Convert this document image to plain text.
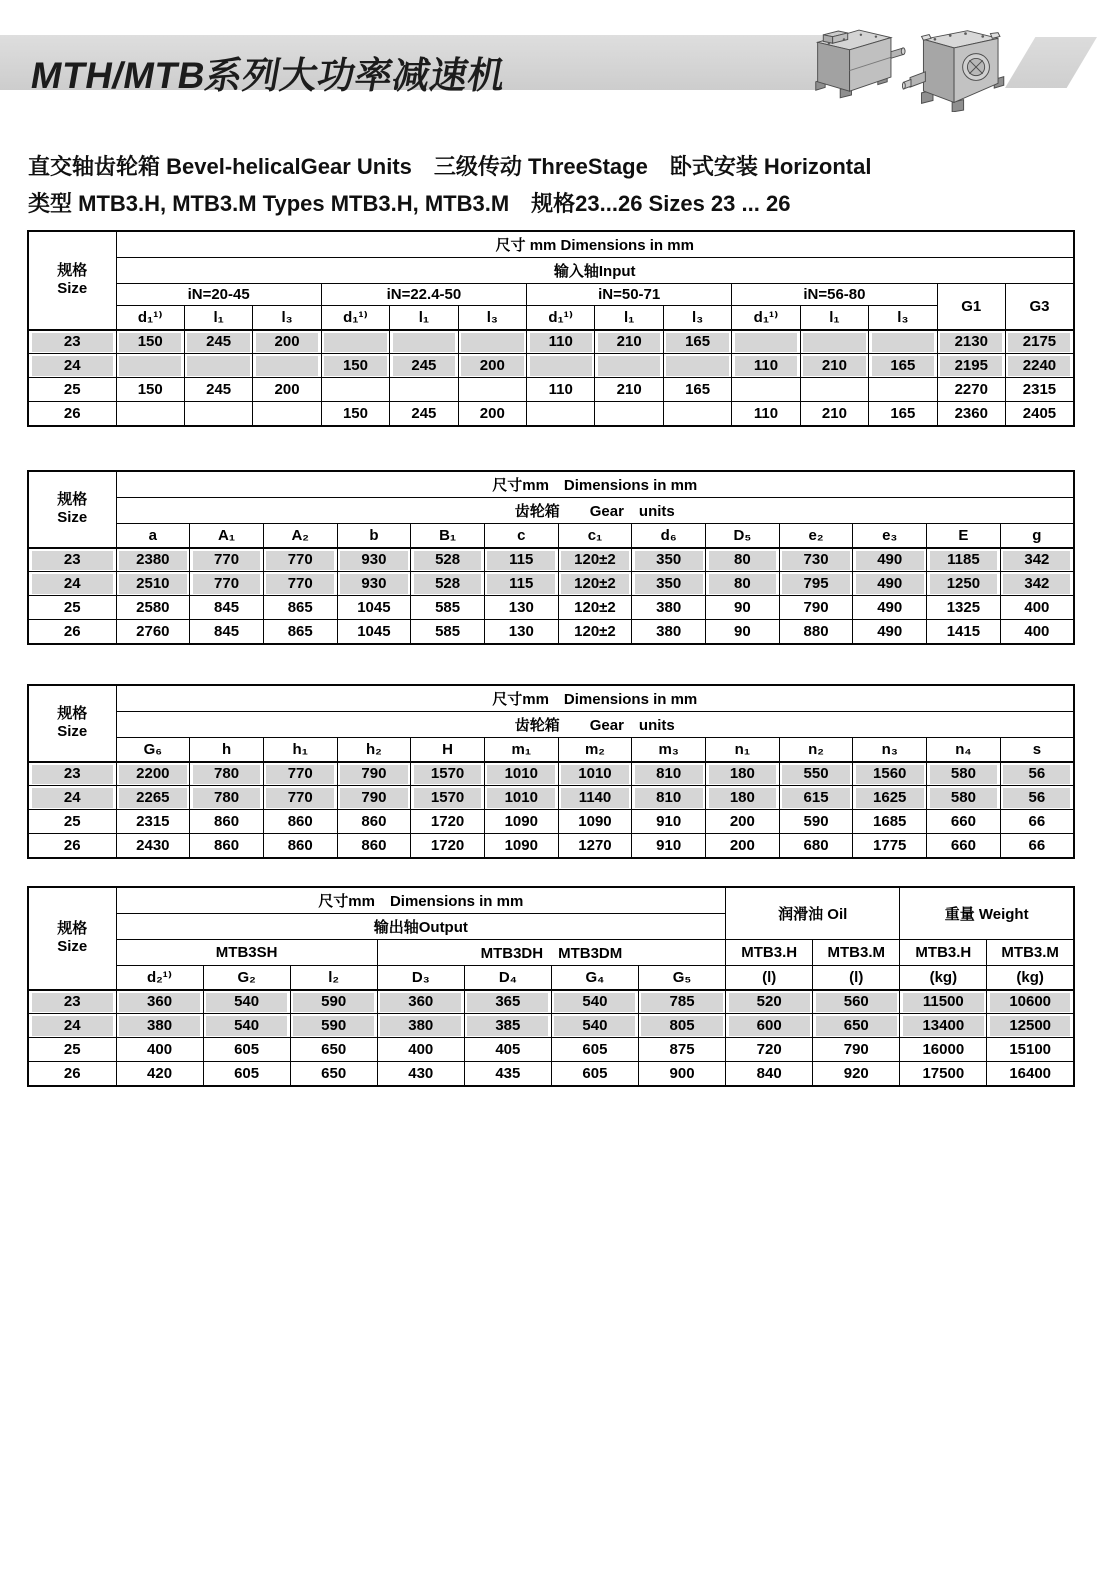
MTH/MTB系列大功率减速机
直交轴齿轮箱 Bevel-helicalGear Units　三级传动 ThreeStage　卧式安装 Horizontal
类型 MTB3.H, MTB3.M Types MTB3.H, MTB3.M　规格23...26 Sizes 23 ... 26
规格
Size	尺寸 mm Dimensions in mm													
	输入轴Input													
	iN=20-45			iN=22.4-50			iN=50-71			iN=56-80			G1	G3
	d₁¹⁾	l₁	l₃	d₁¹⁾	l₁	l₃	d₁¹⁾	l₁	l₃	d₁¹⁾	l₁	l₃		
23	150	245	200				110	210	165				2130	2175
24				150	245	200				110	210	165	2195	2240
25	150	245	200				110	210	165				2270	2315
26				150	245	200				110	210	165	2360	2405
规格
Size	尺寸mm　Dimensions in mm												
	齿轮箱　　Gear　units												
	a	A₁	A₂	b	B₁	c	c₁	d₆	D₅	e₂	e₃	E	g
23	2380	770	770	930	528	115	120±2	350	80	730	490	1185	342
24	2510	770	770	930	528	115	120±2	350	80	795	490	1250	342
25	2580	845	865	1045	585	130	120±2	380	90	790	490	1325	400
26	2760	845	865	1045	585	130	120±2	380	90	880	490	1415	400
规格
Size	尺寸mm　Dimensions in mm												
	齿轮箱　　Gear　units												
	G₆	h	h₁	h₂	H	m₁	m₂	m₃	n₁	n₂	n₃	n₄	s
23	2200	780	770	790	1570	1010	1010	810	180	550	1560	580	56
24	2265	780	770	790	1570	1010	1140	810	180	615	1625	580	56
25	2315	860	860	860	1720	1090	1090	910	200	590	1685	660	66
26	2430	860	860	860	1720	1090	1270	910	200	680	1775	660	66
规格
Size	尺寸mm　Dimensions in mm							润滑油 Oil		重量 Weight	
	输出轴Output										
	MTB3SH			MTB3DH　MTB3DM				MTB3.H	MTB3.M	MTB3.H	MTB3.M
	d₂¹⁾	G₂	l₂	D₃	D₄	G₄	G₅	(l)	(l)	(kg)	(kg)
23	360	540	590	360	365	540	785	520	560	11500	10600
24	380	540	590	380	385	540	805	600	650	13400	12500
25	400	605	650	400	405	605	875	720	790	16000	15100
26	420	605	650	430	435	605	900	840	920	17500	16400
